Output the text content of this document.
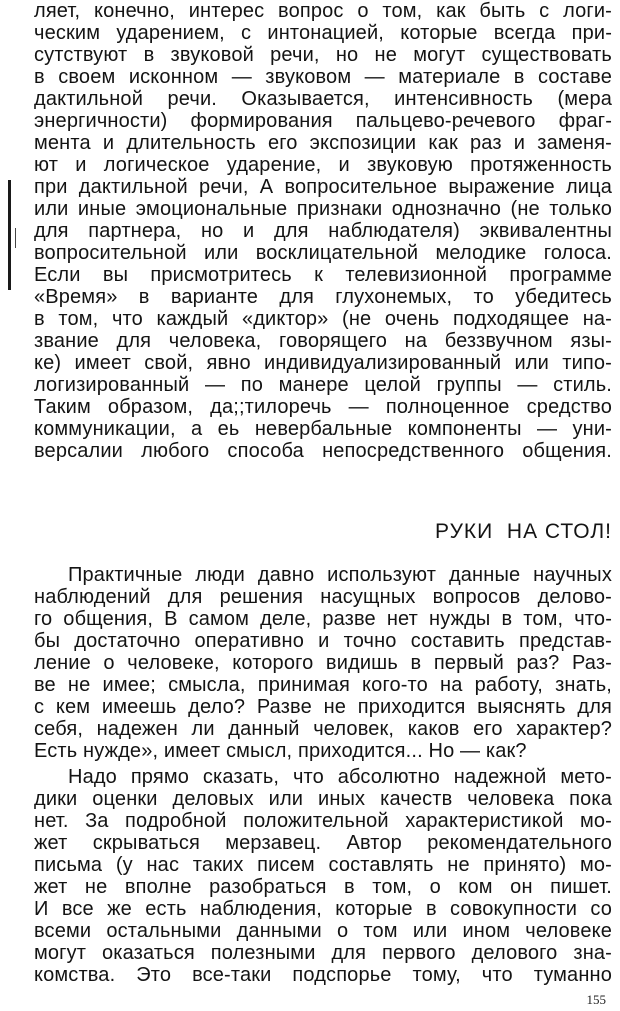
ляет, конечно, интерес вопрос о том, как быть с логи-
ческим ударением, с интонацией, которые всегда при-
сутствуют в звуковой речи, но не могут существовать
в своем исконном — звуковом — материале в составе
дактильной речи. Оказывается, интенсивность (мера
энергичности) формирования пальцево-речевого фраг-
мента и длительность его экспозиции как раз и заменя-
ют и логическое ударение, и звуковую протяженность
при дактильной речи, А вопросительное выражение лица
или иные эмоциональные признаки однозначно (не только
для партнера, но и для наблюдателя) эквивалентны
вопросительной или восклицательной мелодике голоса.
Если вы присмотритесь к телевизионной программе
«Время» в варианте для глухонемых, то убедитесь
в том, что каждый «диктор» (не очень подходящее на-
звание для человека, говорящего на беззвучном язы-
ке) имеет свой, явно индивидуализированный или типо-
логизированный — по манере целой группы — стиль.
Таким образом, да;;тилоречь — полноценное средство
коммуникации, а еь невербальные компоненты — уни-
версалии любого способа непосредственного общения.
РУКИ  НА СТОЛ!
Практичные люди давно используют данные научных
наблюдений для решения насущных вопросов делово-
го общения, В самом деле, разве нет нужды в том, что-
бы достаточно оперативно и точно составить представ-
ление о человеке, которого видишь в первый раз? Раз-
ве не имее; смысла, принимая кого-то на работу, знать,
с кем имеешь дело? Разве не приходится выяснять для
себя, надежен ли данный человек, каков его характер?
Есть нужде», имеет смысл, приходится... Но — как?
Надо прямо сказать, что абсолютно надежной мето-
дики оценки деловых или иных качеств человека пока
нет. За подробной положительной характеристикой мо-
жет скрываться мерзавец. Автор рекомендательного
письма (у нас таких писем составлять не принято) мо-
жет не вполне разобраться в том, о ком он пишет.
И все же есть наблюдения, которые в совокупности со
всеми остальными данными о том или ином человеке
могут оказаться полезными для первого делового зна-
комства. Это все-таки подспорье тому, что туманно
155
